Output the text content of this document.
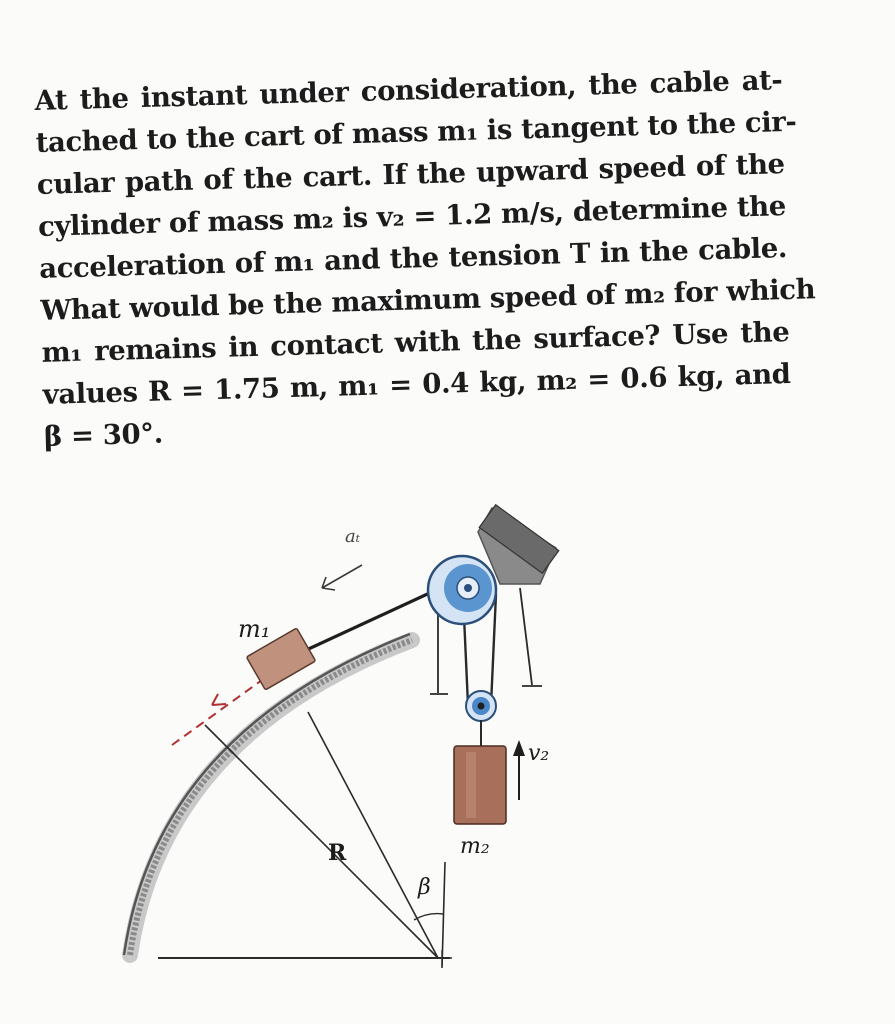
At the instant under consideration, the cable at-
tached to the cart of mass m₁ is tangent to the cir-
cular path of the cart. If the upward speed of the
cylinder of mass m₂ is v₂ = 1.2 m/s, determine the
acceleration of m₁ and the tension T in the cable.
What would be the maximum speed of m₂ for which
m₁ remains in contact with the surface? Use the
values R = 1.75 m, m₁ = 0.4 kg, m₂ = 0.6 kg, and
β = 30°.
m₁
m₂
v₂
R
β
aₜ
